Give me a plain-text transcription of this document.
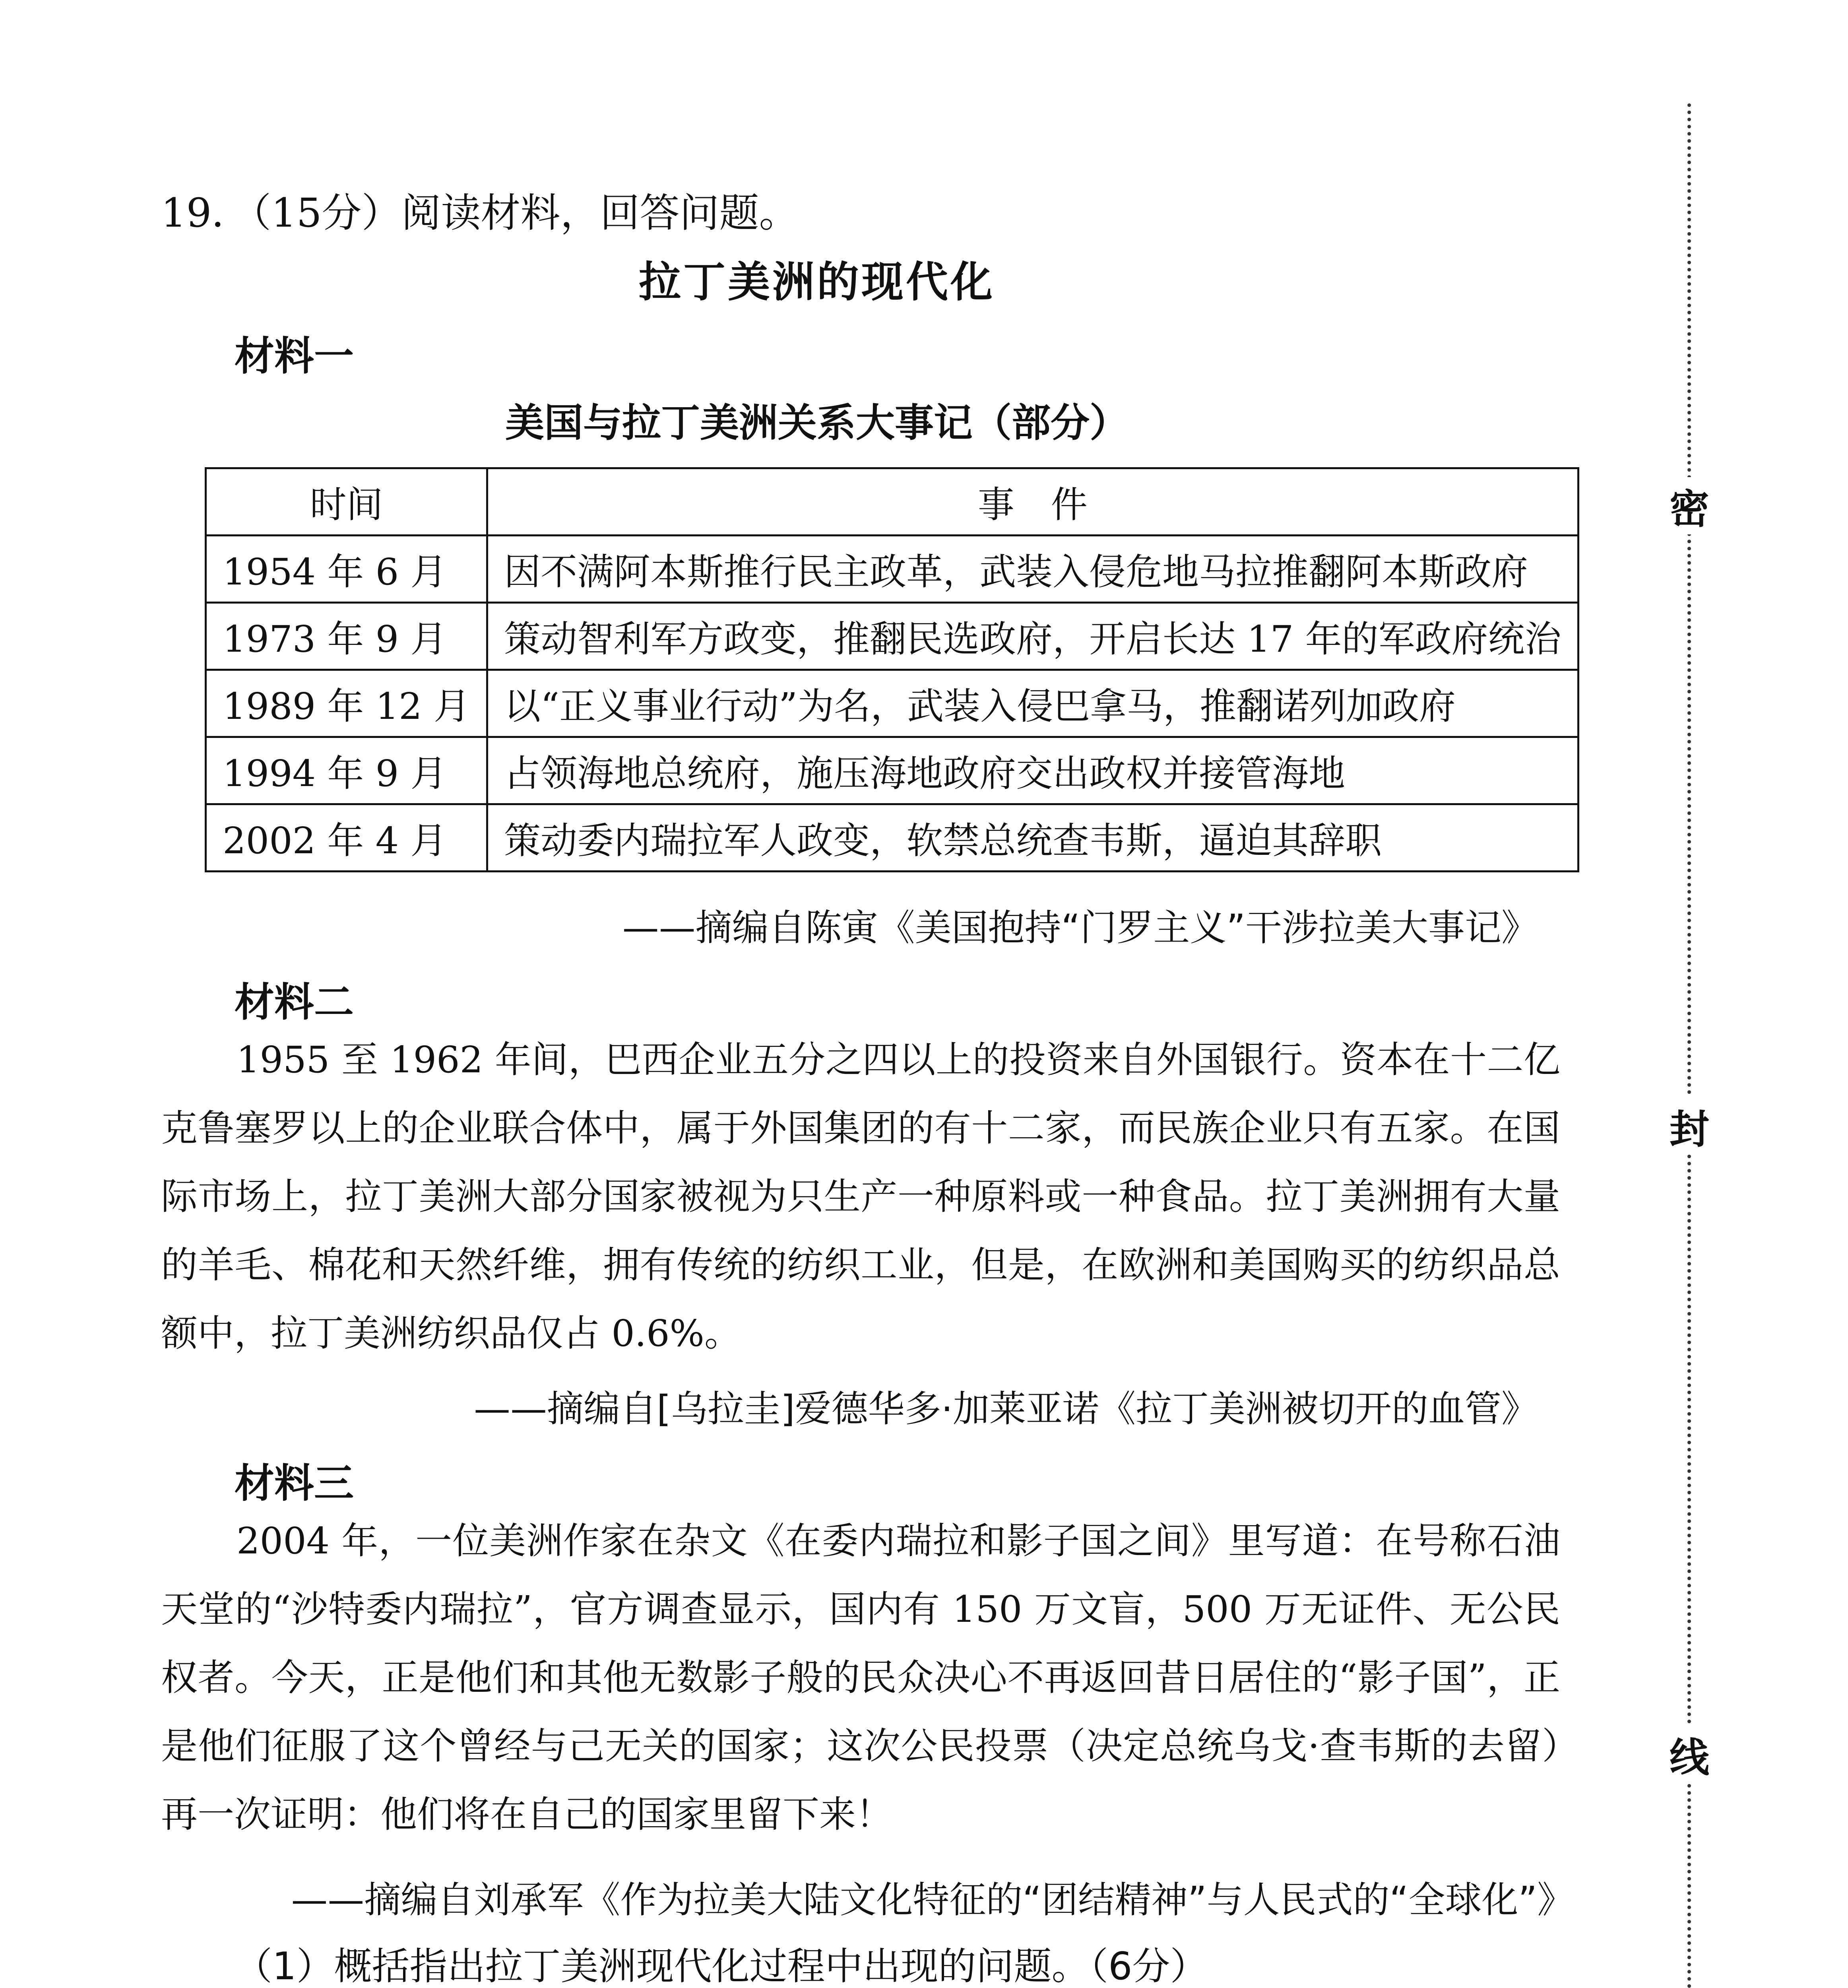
19．（15分）阅读材料，回答问题。
拉丁美洲的现代化
材料一
美国与拉丁美洲关系大事记（部分）
时间	事　件
1954 年 6 月	因不满阿本斯推行民主政革，武装入侵危地马拉推翻阿本斯政府
1973 年 9 月	策动智利军方政变，推翻民选政府，开启长达 17 年的军政府统治
1989 年 12 月	以“正义事业行动”为名，武装入侵巴拿马，推翻诺列加政府
1994 年 9 月	占领海地总统府，施压海地政府交出政权并接管海地
2002 年 4 月	策动委内瑞拉军人政变，软禁总统查韦斯，逼迫其辞职
——摘编自陈寅《美国抱持“门罗主义”干涉拉美大事记》
材料二

1955 至 1962 年间，巴西企业五分之四以上的投资来自外国银行。资本在十二亿克鲁塞罗以上的企业联合体中，属于外国集团的有十二家，而民族企业只有五家。在国际市场上，拉丁美洲大部分国家被视为只生产一种原料或一种食品。拉丁美洲拥有大量的羊毛、棉花和天然纤维，拥有传统的纺织工业，但是，在欧洲和美国购买的纺织品总额中，拉丁美洲纺织品仅占 0.6%。

——摘编自[乌拉圭]爱德华多·加莱亚诺《拉丁美洲被切开的血管》
材料三

2004 年，一位美洲作家在杂文《在委内瑞拉和影子国之间》里写道：在号称石油天堂的“沙特委内瑞拉”，官方调查显示，国内有 150 万文盲，500 万无证件、无公民权者。今天，正是他们和其他无数影子般的民众决心不再返回昔日居住的“影子国”，正是他们征服了这个曾经与己无关的国家；这次公民投票（决定总统乌戈·查韦斯的去留）再一次证明：他们将在自己的国家里留下来！

——摘编自刘承军《作为拉美大陆文化特征的“团结精神”与人民式的“全球化”》
（1）概括指出拉丁美洲现代化过程中出现的问题。（6分）
密
封
线
